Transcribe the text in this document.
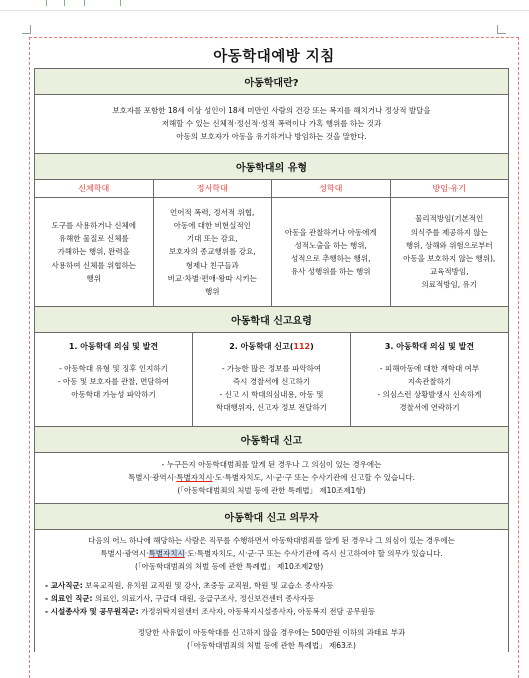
아동학대예방 지침
아동학대란?
보호자를 포함한 18세 이상 성인이 18세 미만인 사람의 건강 또는 복지를 해치거나 정상적 발달을
저해할 수 있는 신체적·정신적·성적 폭력이나 가혹 행위를 하는 것과
아동의 보호자가 아동을 유기하거나 방임하는 것을 말한다.
아동학대의 유형
신체학대
도구를 사용하거나 신체에
유해한 물질로 신체를
가해하는 행위, 완력을
사용하여 신체를 위협하는
행위
정서학대
언어적 폭력, 정서적 위협,
아동에 대한 비현실적인
기대 또는 감요,
보호자의 종교행위를 강요,
형제나 친구들과
비교·차별·편애·왕따 시키는
행위
성학대
아동을 관찰하거나 아동에게
성적노출을 하는 행위,
성적으로 추행하는 행위,
유사 성행위를 하는 행위
방임·유기
물리적방임(기본적인
의식주를 제공하지 않는
행위, 상해와 위험으로부터
아동을 보호하지 않는 행위),
교육적방임,
의료적방임, 유기
아동학대 신고요령
1. 아동학대 의심 및 발견
- 아동학대 유형 및 징후 인지하기
- 아동 및 보호자를 관찰, 면담하여
아동학대 가능성 파악하기
2. 아동학대 신고(112)
- 가능한 많은 정보를 파악하여
즉시 경찰서에 신고하기
- 신고 시 학대의심내용, 아동 및
학대행위자, 신고자 정보 전달하기
3. 아동학대 의심 및 발견
- 피해아동에 대한 재학대 여부
지속관찰하기
- 의심스런 상황발생시 신속하게
경찰서에 연락하기
아동학대 신고
- 누구든지 아동학대범죄를 알게 된 경우나 그 의심이 있는 경우에는
특별시·광역시·특별자치시·도·특별자치도, 시·군·구 또는 수사기관에 신고할 수 있습니다.
(「아동학대범죄의 처벌 등에 관한 특례법」 제10조제1항)
아동학대 신고 의무자
다음의 어느 하나에 해당하는 사람은 직무를 수행하면서 아동학대범죄를 알게 된 경우나 그 의심이 있는 경우에는
특별시·광역시·특별자치시·도·특별자치도, 시·군·구 또는 수사기관에 즉시 신고하여야 할 의무가 있습니다.
(「아동학대범죄의 처벌 등에 관한 특례법」 제10조제2항)
- 교사직군: 보육교직원, 유치원 교직원 및 강사, 초중등 교직원, 학원 및 교습소 종사자등
- 의료인 직군: 의료인, 의료기사, 구급대 대원, 응급구조사, 정신보건센터 종사자등
- 시설종사자 및 공무원직군: 가정위탁지원센터 조사자, 아동복지시설종사자, 아동복지 전담 공무원등
정당한 사유없이 아동학대를 신고하지 않을 경우에는 500만원 이하의 과태료 부과
(「아동학대범죄의 처벌 등에 관한 특례법」 제63조)
